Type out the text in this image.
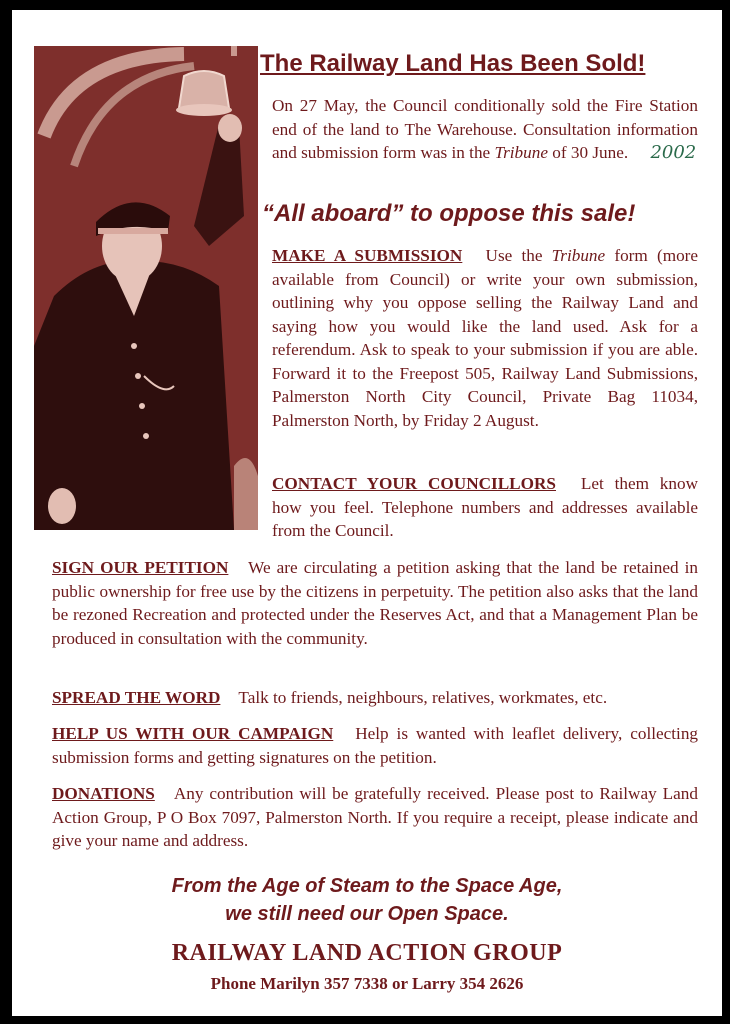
The Railway Land Has Been Sold!
On 27 May, the Council conditionally sold the Fire Station end of the land to The Warehouse. Consultation information and submission form was in the Tribune of 30 June. 2002
“All aboard” to oppose this sale!
MAKE A SUBMISSION Use the Tribune form (more available from Council) or write your own submission, outlining why you oppose selling the Railway Land and saying how you would like the land used. Ask for a referendum. Ask to speak to your submission if you are able. Forward it to the Freepost 505, Railway Land Submissions, Palmerston North City Council, Private Bag 11034, Palmerston North, by Friday 2 August.
CONTACT YOUR COUNCILLORS Let them know how you feel. Telephone numbers and addresses available from the Council.
SIGN OUR PETITION We are circulating a petition asking that the land be retained in public ownership for free use by the citizens in perpetuity. The petition also asks that the land be rezoned Recreation and protected under the Reserves Act, and that a Management Plan be produced in consultation with the community.
SPREAD THE WORD Talk to friends, neighbours, relatives, workmates, etc.
HELP US WITH OUR CAMPAIGN Help is wanted with leaflet delivery, collecting submission forms and getting signatures on the petition.
DONATIONS Any contribution will be gratefully received. Please post to Railway Land Action Group, P O Box 7097, Palmerston North. If you require a receipt, please indicate and give your name and address.
From the Age of Steam to the Space Age,
we still need our Open Space.
RAILWAY LAND ACTION GROUP
Phone Marilyn 357 7338 or Larry 354 2626
